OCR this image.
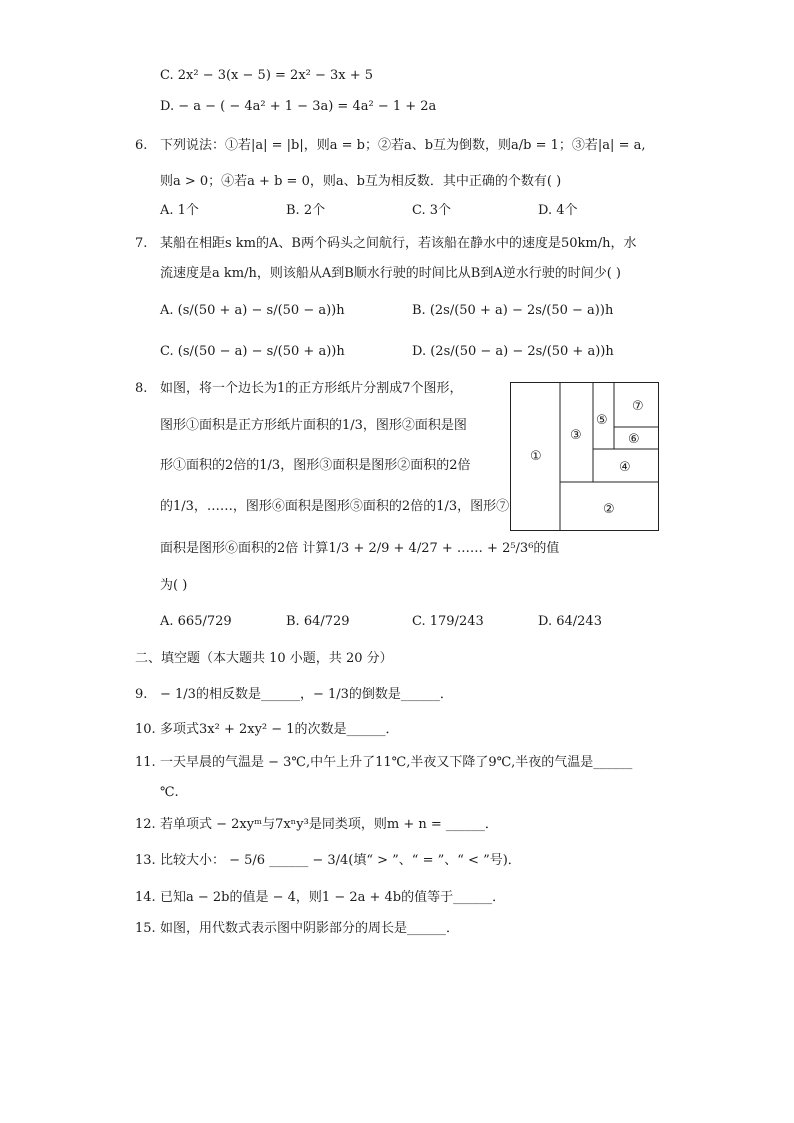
C. 2x² − 3(x − 5) = 2x² − 3x + 5
D. − a − ( − 4a² + 1 − 3a) = 4a² − 1 + 2a
6. 下列说法：①若|a| = |b|，则a = b；②若a、b互为倒数，则a/b = 1；③若|a| = a,
则a > 0；④若a + b = 0，则a、b互为相反数．其中正确的个数有( )
A. 1个	B. 2个	C. 3个	D. 4个
7. 某船在相距s km的A、B两个码头之间航行，若该船在静水中的速度是50km/h，水
流速度是a km/h，则该船从A到B顺水行驶的时间比从B到A逆水行驶的时间少( )
A. (s/(50 + a) − s/(50 − a))h	B. (2s/(50 + a) − 2s/(50 − a))h
C. (s/(50 − a) − s/(50 + a))h	D. (2s/(50 − a) − 2s/(50 + a))h
8. 如图，将一个边长为1的正方形纸片分割成7个图形，
图形①面积是正方形纸片面积的1/3，图形②面积是图
形①面积的2倍的1/3，图形③面积是图形②面积的2倍
的1/3，……，图形⑥面积是图形⑤面积的2倍的1/3，图形⑦
面积是图形⑥面积的2倍 计算1/3 + 2/9 + 4/27 + …… + 2⁵/3⁶的值
为( )
A. 665/729	B. 64/729	C. 179/243	D. 64/243
①
②
③
④
⑤
⑥
⑦
二、填空题（本大题共 10 小题，共 20 分）
9. − 1/3的相反数是______，− 1/3的倒数是______．
10. 多项式3x² + 2xy² − 1的次数是______．
11. 一天早晨的气温是 − 3℃,中午上升了11℃,半夜又下降了9℃,半夜的气温是______
℃.
12. 若单项式 − 2xyᵐ与7xⁿy³是同类项，则m + n = ______．
13. 比较大小： − 5/6 ______ − 3/4(填“ > ”、“ = ”、“ < ”号)．
14. 已知a − 2b的值是 − 4，则1 − 2a + 4b的值等于______．
15. 如图，用代数式表示图中阴影部分的周长是______．
